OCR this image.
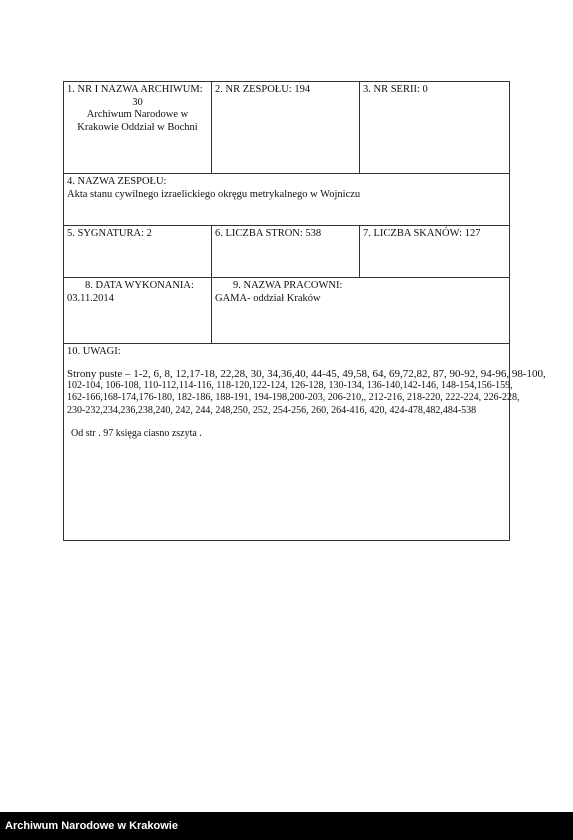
1. NR I NAZWA ARCHIWUM:
30
Archiwum Narodowe w
Krakowie Oddział w Bochni
2. NR ZESPOŁU: 194	3. NR SERII: 0
4. NAZWA ZESPOŁU:
Akta stanu cywilnego izraelickiego okręgu metrykalnego w Wojniczu
5. SYGNATURA: 2	6. LICZBA STRON: 538	7. LICZBA SKANÓW: 127
8. DATA WYKONANIA:
03.11.2014
9. NAZWA PRACOWNI:
GAMA- oddział Kraków
10. UWAGI:
Strony puste – 1-2, 6, 8, 12,17-18, 22,28, 30, 34,36,40, 44-45, 49,58, 64, 69,72,82, 87, 90-92, 94-96, 98-100,
102-104, 106-108, 110-112,114-116, 118-120,122-124, 126-128, 130-134, 136-140,142-146, 148-154,156-159,
162-166,168-174,176-180, 182-186, 188-191, 194-198,200-203, 206-210,, 212-216, 218-220, 222-224, 226-228,
230-232,234,236,238,240, 242, 244, 248,250, 252, 254-256, 260, 264-416, 420, 424-478,482,484-538
Od str . 97 księga ciasno zszyta .
Archiwum Narodowe w Krakowie
